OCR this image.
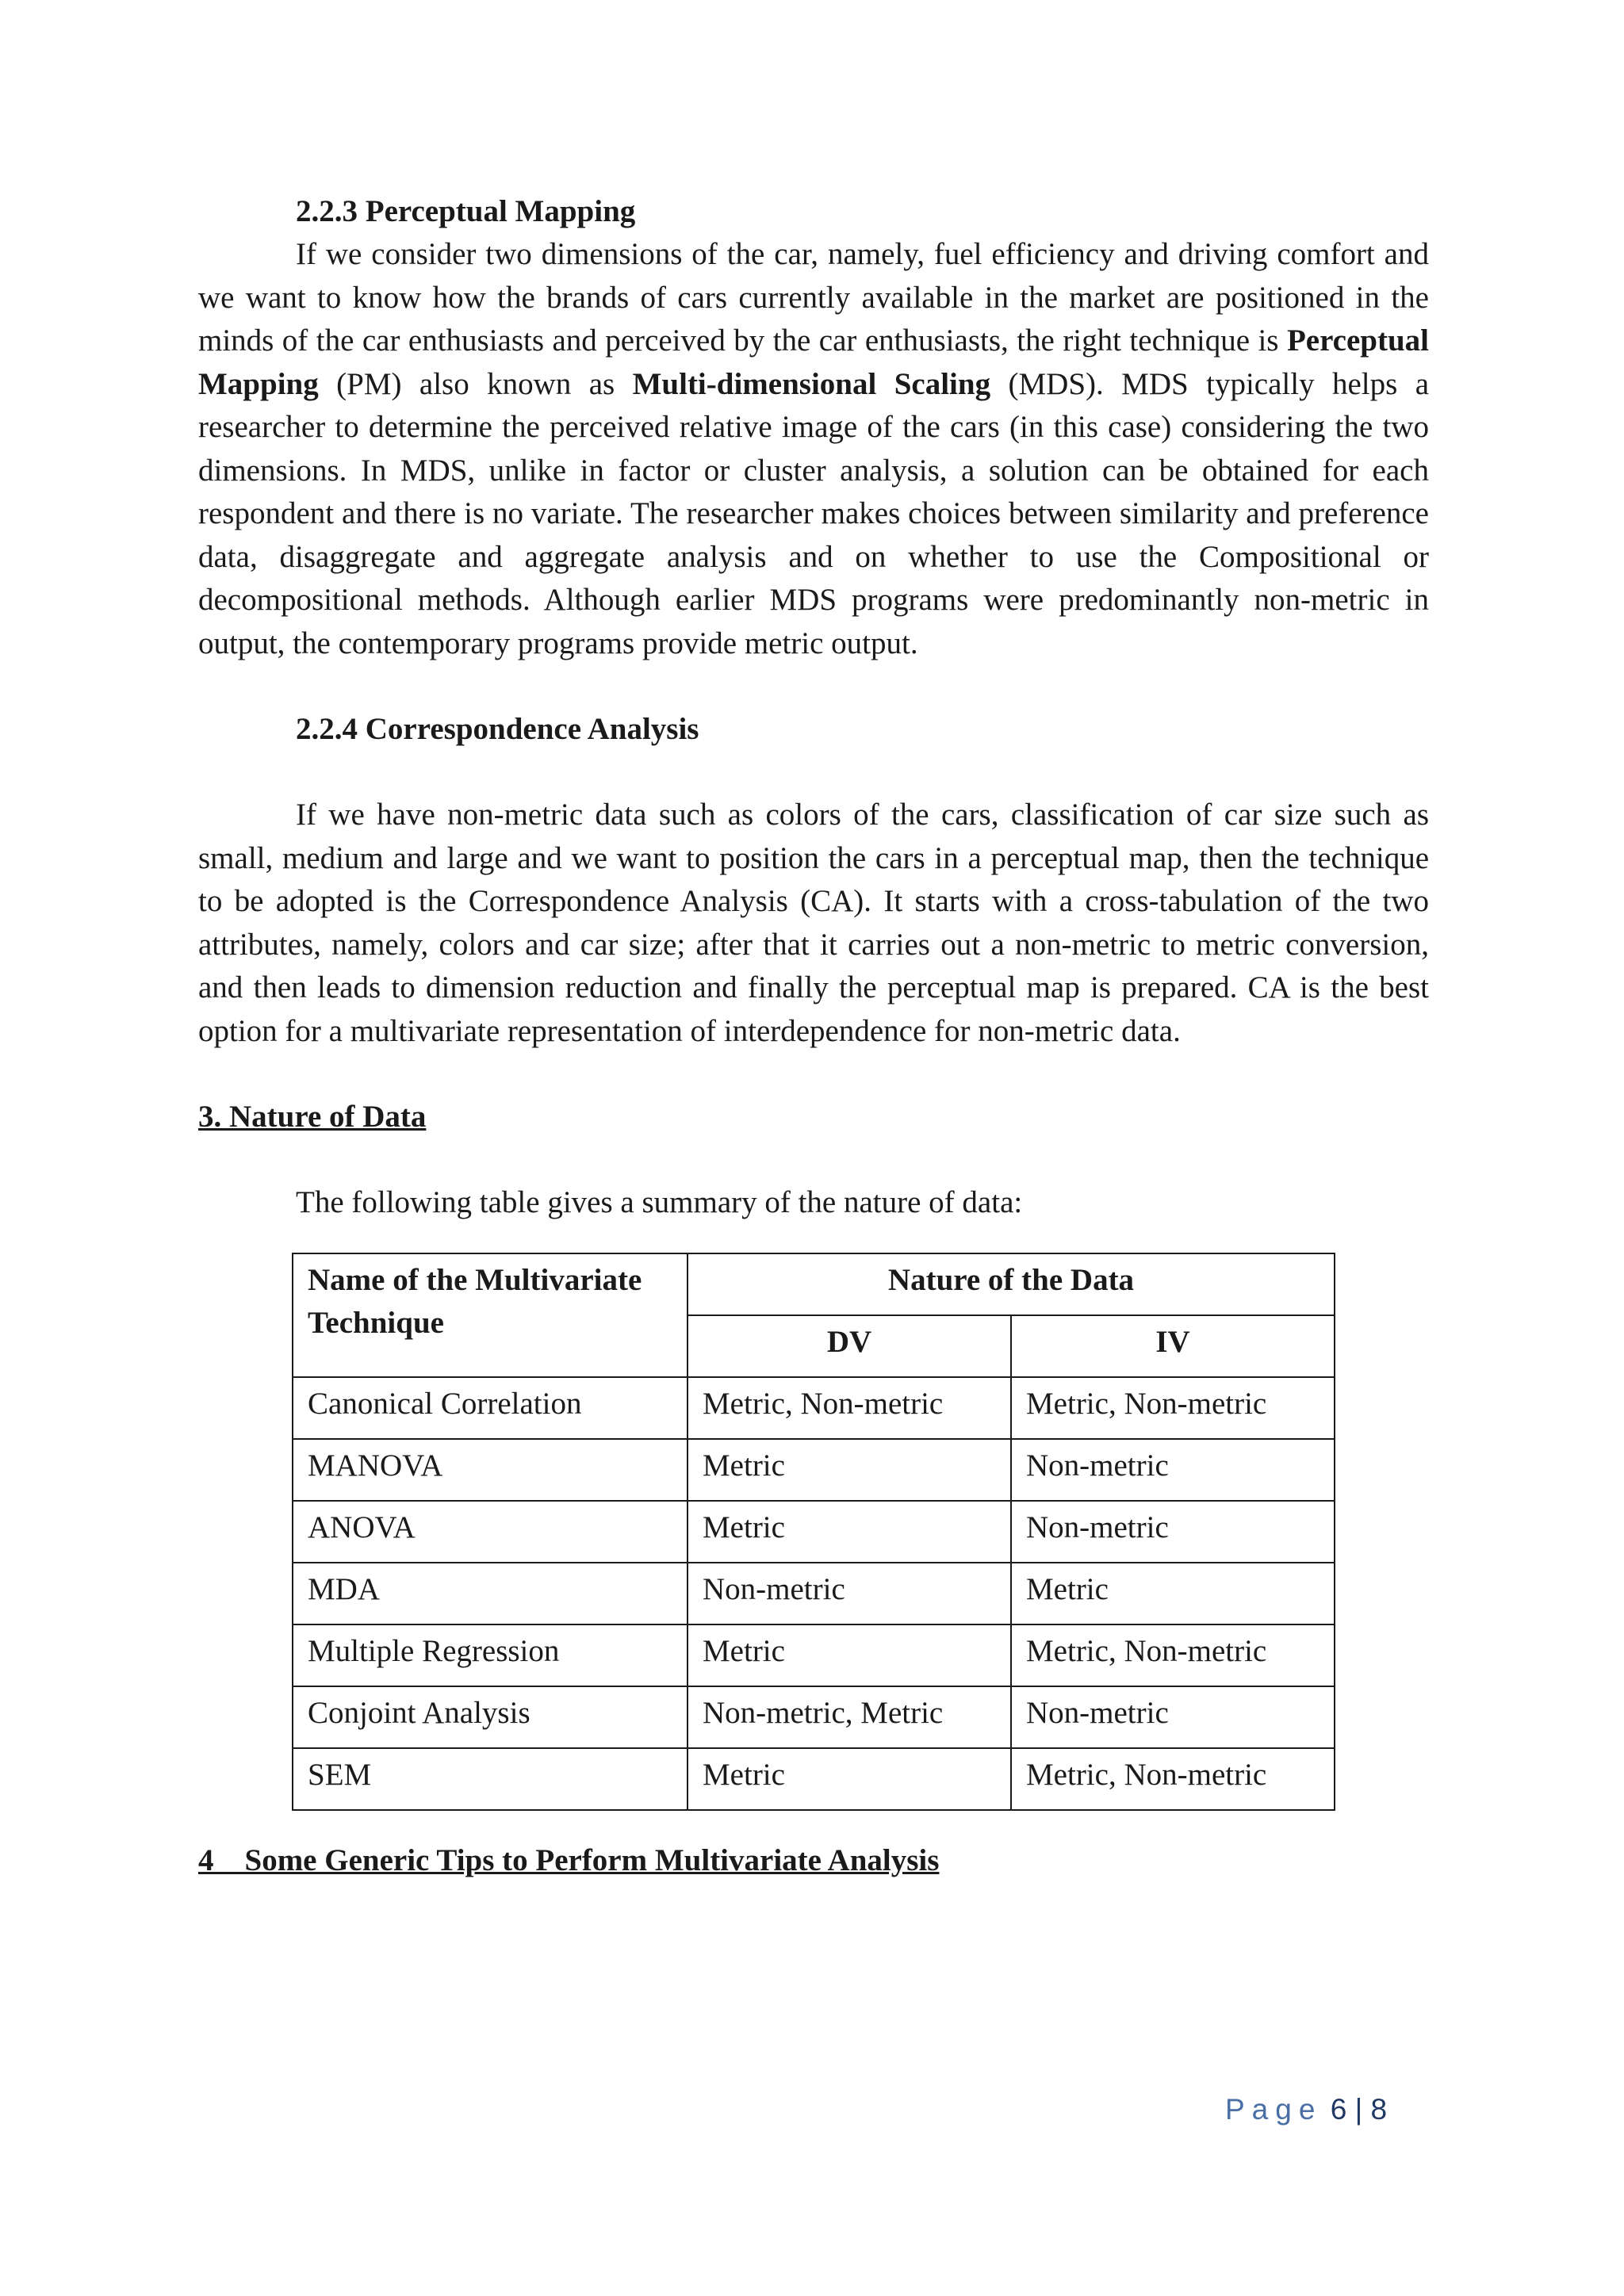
2.2.3 Perceptual Mapping

If we consider two dimensions of the car, namely, fuel efficiency and driving comfort and we want to know how the brands of cars currently available in the market are positioned in the minds of the car enthusiasts and perceived by the car enthusiasts, the right technique is Perceptual Mapping (PM) also known as Multi-dimensional Scaling (MDS). MDS typically helps a researcher to determine the perceived relative image of the cars (in this case) considering the two dimensions. In MDS, unlike in factor or cluster analysis, a solution can be obtained for each respondent and there is no variate. The researcher makes choices between similarity and preference data, disaggregate and aggregate analysis and on whether to use the Compositional or decompositional methods. Although earlier MDS programs were predominantly non-metric in output, the contemporary programs provide metric output.

2.2.4 Correspondence Analysis

If we have non-metric data such as colors of the cars, classification of car size such as small, medium and large and we want to position the cars in a perceptual map, then the technique to be adopted is the Correspondence Analysis (CA). It starts with a cross-tabulation of the two attributes, namely, colors and car size; after that it carries out a non-metric to metric conversion, and then leads to dimension reduction and finally the perceptual map is prepared. CA is the best option for a multivariate representation of interdependence for non-metric data.

3. Nature of Data

The following table gives a summary of the nature of data:

Name of the Multivariate Technique	Nature of the Data	
	DV	IV
Canonical Correlation	Metric, Non-metric	Metric, Non-metric
MANOVA	Metric	Non-metric
ANOVA	Metric	Non-metric
MDA	Non-metric	Metric
Multiple Regression	Metric	Metric, Non-metric
Conjoint Analysis	Non-metric, Metric	Non-metric
SEM	Metric	Metric, Non-metric

4 Some Generic Tips to Perform Multivariate Analysis

Page 6 | 8
